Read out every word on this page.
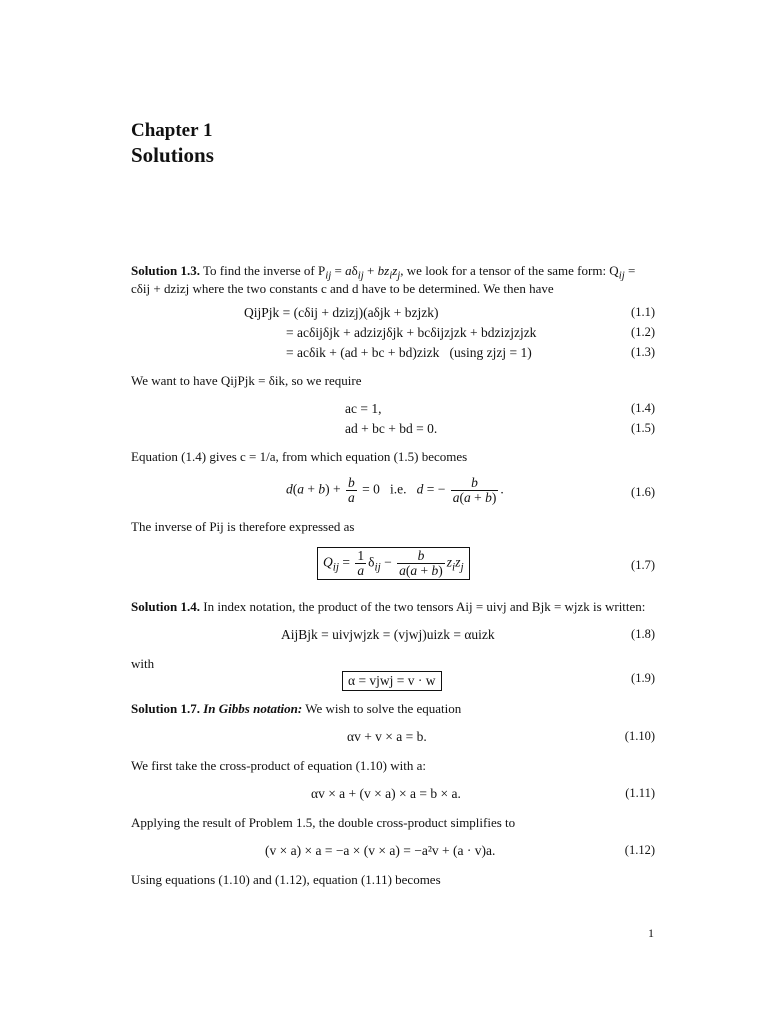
Chapter 1
Solutions
Solution 1.3. To find the inverse of $P_{ij} = a\delta_{ij} + bz_iz_j$, we look for a tensor of the same form: $Q_{ij}$ =
cδij + dzizj where the two constants c and d have to be determined. We then have
QijPjk = (cδij + dzizj)(aδjk + bzjzk)	(1.1)
= acδijδjk + adzizjδjk + bcδijzjzk + bdzizjzjzk	(1.2)
= acδik + (ad + bc + bd)zizk (using zjzj = 1)	(1.3)
We want to have QijPjk = δik, so we require
ac = 1,	(1.4)
ad + bc + bd = 0.	(1.5)
Equation (1.4) gives c = 1/a, from which equation (1.5) becomes
$d(a + b) + \frac{b}{a} = 0$   i.e.   d = − $\frac{b}{a(a + b)}$ .	(1.6)
The inverse of Pij is therefore expressed as
$Q_{ij} = \frac{1}{a} \delta_{ij} - \frac{b}{a(a + b)} z_iz_j$	(1.7)
Solution 1.4. In index notation, the product of the two tensors Aij = uivj and Bjk = wjzk is written:
AijBjk = uivjwjzk = (vjwj)uizk = αuizk	(1.8)
with
α = vjwj = v · w	(1.9)
Solution 1.7. In Gibbs notation: We wish to solve the equation
αv + v × a = b.	(1.10)
We first take the cross-product of equation (1.10) with a:
αv × a + (v × a) × a = b × a.	(1.11)
Applying the result of Problem 1.5, the double cross-product simplifies to
(v × a) × a = −a × (v × a) = −a²v + (a · v)a.	(1.12)
Using equations (1.10) and (1.12), equation (1.11) becomes
1
